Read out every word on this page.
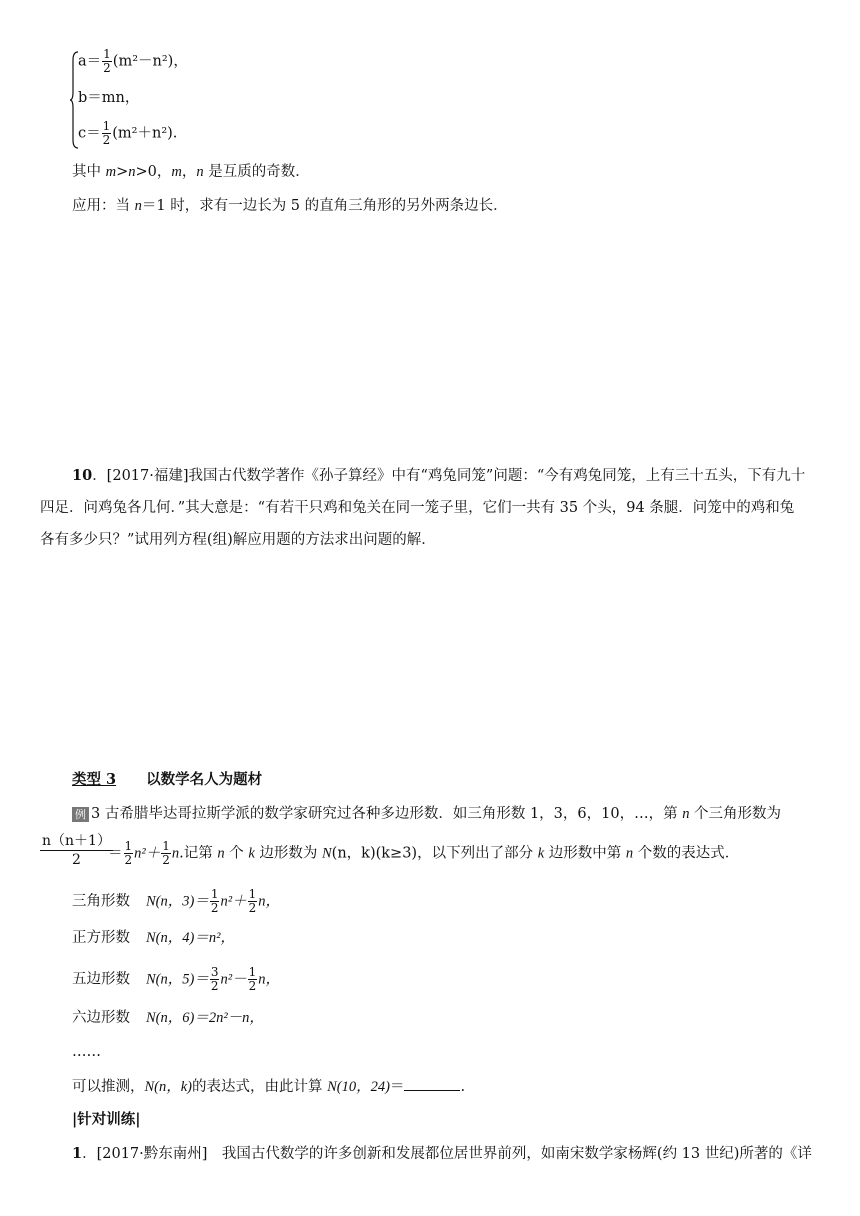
$a= \frac{1}{2} (m^2-n^2)$，
b＝mn，
$c= \frac{1}{2} (m^2+n^2)$.
其中 m>n>0，m，n 是互质的奇数．
应用：当 n＝1 时，求有一边长为 5 的直角三角形的另外两条边长．
10．[2017·福建]我国古代数学著作《孙子算经》中有“鸡兔同笼”问题：“今有鸡兔同笼，上有三十五头，下有九十
四足．问鸡兔各几何．”其大意是：“有若干只鸡和兔关在同一笼子里，它们一共有 35 个头，94 条腿．问笼中的鸡和兔
各有多少只？”试用列方程(组)解应用题的方法求出问题的解．
类型 3 以数学名人为题材
例 3 古希腊毕达哥拉斯学派的数学家研究过各种多边形数．如三角形数 1，3，6，10，…，第 n 个三角形数为
$\frac{n(n+1)}{2}$
＝ $\frac{1}{2} n^2+ \frac{1}{2} n$.记第 n 个 k 边形数为 N(n，k)(k≥3)，以下列出了部分 k 边形数中第 n 个数的表达式．
三角形数 N(n，$3)= \frac{1}{2} n^2+ \frac{1}{2}$ n，
正方形数 N(n，4)＝n²，
五边形数 N(n，$5)= \frac{3}{2} n^2- \frac{1}{2}$ n，
六边形数 N(n，6)＝2n²－n，
……
可以推测，N(n，k)的表达式，由此计算 N(10，24)＝	.
|针对训练|
1．[2017·黔东南州]　我国古代数学的许多创新和发展都位居世界前列，如南宋数学家杨辉(约 13 世纪)所著的《详
